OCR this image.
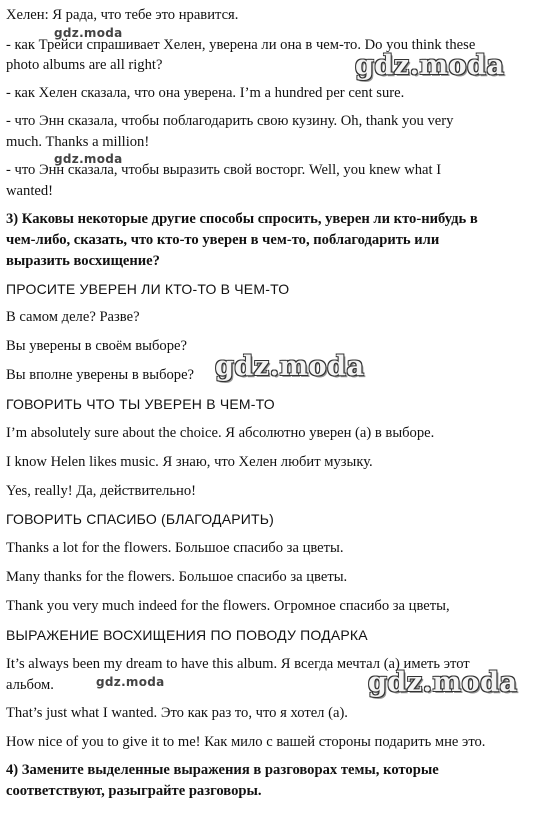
Хелен: Я рада, что тебе это нравится.
- как Трейси спрашивает Хелен, уверена ли она в чем-то. Do you think these
photo albums are all right?
- как Хелен сказала, что она уверена. I’m a hundred per cent sure.
- что Энн сказала, чтобы поблагодарить свою кузину. Oh, thank you very
much. Thanks a million!
- что Энн сказала, чтобы выразить свой восторг. Well, you knew what I
wanted!
3) Каковы некоторые другие способы спросить, уверен ли кто-нибудь в
чем-либо, сказать, что кто-то уверен в чем-то, поблагодарить или
выразить восхищение?
ПРОСИТЕ УВЕРЕН ЛИ КТО-ТО В ЧЕМ-ТО
В самом деле? Разве?
Вы уверены в своём выборе?
Вы вполне уверены в выборе?
ГОВОРИТЬ ЧТО ТЫ УВЕРЕН В ЧЕМ-ТО
I’m absolutely sure about the choice. Я абсолютно уверен (а) в выборе.
I know Helen likes music. Я знаю, что Хелен любит музыку.
Yes, really! Да, действительно!
ГОВОРИТЬ СПАСИБО (БЛАГОДАРИТЬ)
Thanks a lot for the flowers. Большое спасибо за цветы.
Many thanks for the flowers. Большое спасибо за цветы.
Thank you very much indeed for the flowers. Огромное спасибо за цветы,
ВЫРАЖЕНИЕ ВОСХИЩЕНИЯ ПО ПОВОДУ ПОДАРКА
It’s always been my dream to have this album. Я всегда мечтал (а) иметь этот
альбом.
That’s just what I wanted. Это как раз то, что я хотел (а).
How nice of you to give it to me! Как мило с вашей стороны подарить мне это.
4) Замените выделенные выражения в разговорах темы, которые
соответствуют, разыграйте разговоры.
gdz.moda
gdz.moda
gdz.moda
gdz.moda
gdz.moda
gdz.moda
